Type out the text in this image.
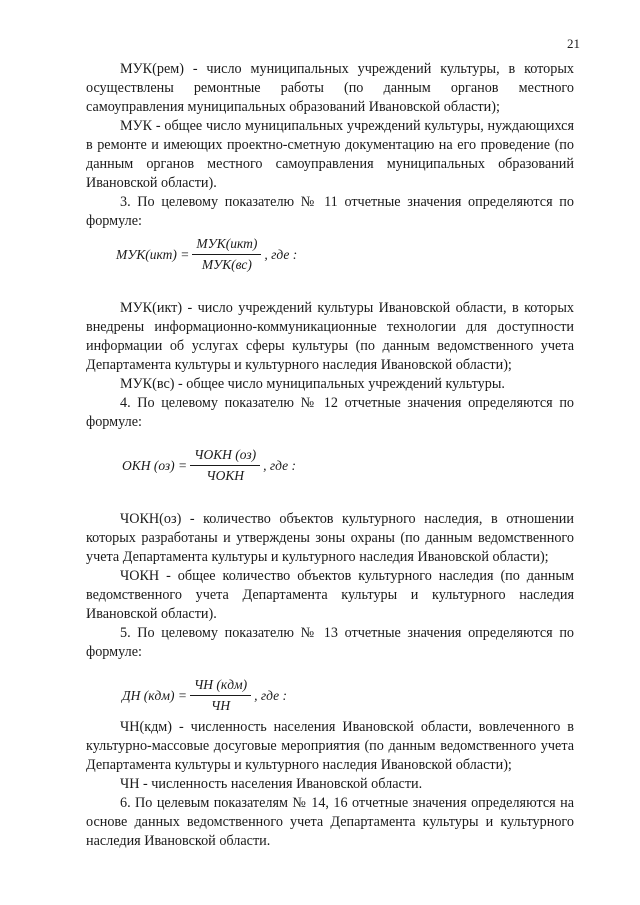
21

МУК(рем) - число муниципальных учреждений культуры, в которых осуществлены ремонтные работы (по данным органов местного самоуправления муниципальных образований Ивановской области);

МУК - общее число муниципальных учреждений культуры, нуждающихся в ремонте и имеющих проектно-сметную документацию на его проведение (по данным органов местного самоуправления муниципальных образований Ивановской области).

3. По целевому показателю № 11 отчетные значения определяются по формуле:

$МУК(икт) = \frac{\text{МУК(икт)}}{\text{МУК(вс)}}$ , где :

МУК(икт) - число учреждений культуры Ивановской области, в которых внедрены информационно-коммуникационные технологии для доступности информации об услугах сферы культуры (по данным ведомственного учета Департамента культуры и культурного наследия Ивановской области);

МУК(вс) - общее число муниципальных учреждений культуры.

4. По целевому показателю № 12 отчетные значения определяются по формуле:

ОКН $(оз) = \frac{\text{ЧОКН (оз)}}{\text{ЧОКН}}$ , где :

ЧОКН(оз) - количество объектов культурного наследия, в отношении которых разработаны и утверждены зоны охраны (по данным ведомственного учета Департамента культуры и культурного наследия Ивановской области);

ЧОКН - общее количество объектов культурного наследия (по данным ведомственного учета Департамента культуры и культурного наследия Ивановской области).

5. По целевому показателю № 13 отчетные значения определяются по формуле:

ДН $(кдм) = \frac{\text{ЧН (кдм)}}{ЧН}$ , где :

ЧН(кдм) - численность населения Ивановской области, вовлеченного в культурно-массовые досуговые мероприятия (по данным ведомственного учета Департамента культуры и культурного наследия Ивановской области);

ЧН - численность населения Ивановской области.

6. По целевым показателям № 14, 16 отчетные значения определяются на основе данных ведомственного учета Департамента культуры и культурного наследия Ивановской области.
